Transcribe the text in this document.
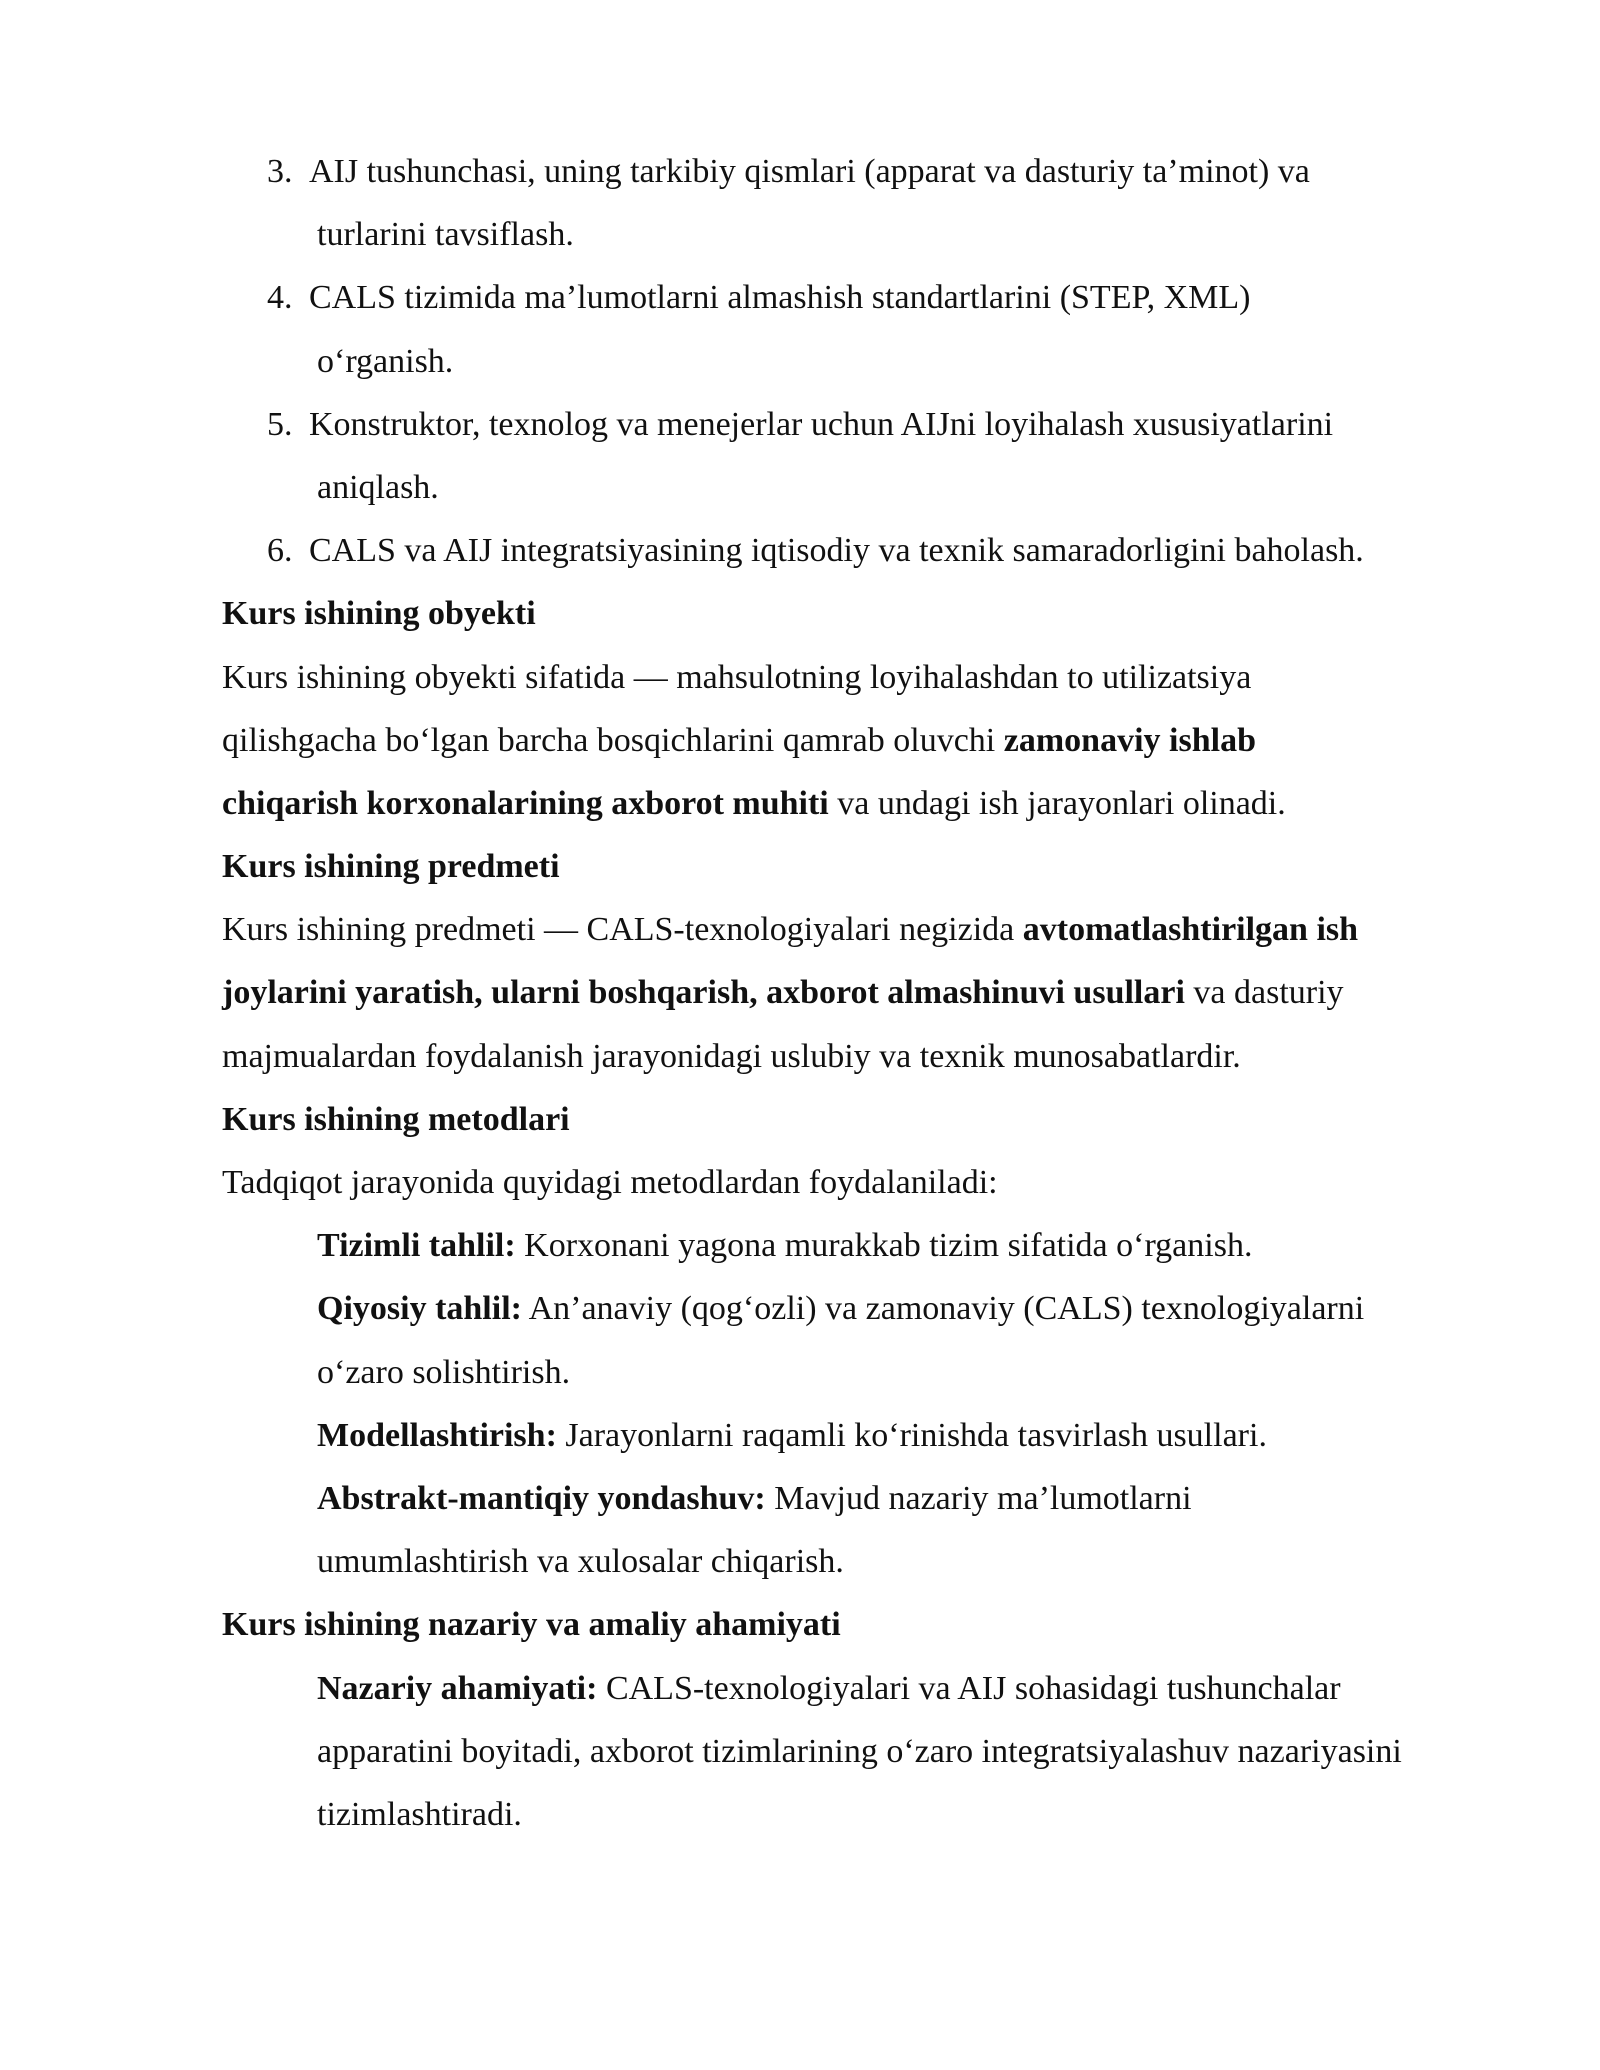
3. AIJ tushunchasi, uning tarkibiy qismlari (apparat va dasturiy ta’minot) va
turlarini tavsiflash.
4. CALS tizimida ma’lumotlarni almashish standartlarini (STEP, XML)
o‘rganish.
5. Konstruktor, texnolog va menejerlar uchun AIJni loyihalash xususiyatlarini
aniqlash.
6. CALS va AIJ integratsiyasining iqtisodiy va texnik samaradorligini baholash.
Kurs ishining obyekti
Kurs ishining obyekti sifatida — mahsulotning loyihalashdan to utilizatsiya
qilishgacha bo‘lgan barcha bosqichlarini qamrab oluvchi zamonaviy ishlab
chiqarish korxonalarining axborot muhiti va undagi ish jarayonlari olinadi.
Kurs ishining predmeti
Kurs ishining predmeti — CALS-texnologiyalari negizida avtomatlashtirilgan ish
joylarini yaratish, ularni boshqarish, axborot almashinuvi usullari va dasturiy
majmualardan foydalanish jarayonidagi uslubiy va texnik munosabatlardir.
Kurs ishining metodlari
Tadqiqot jarayonida quyidagi metodlardan foydalaniladi:
Tizimli tahlil: Korxonani yagona murakkab tizim sifatida o‘rganish.
Qiyosiy tahlil: An’anaviy (qog‘ozli) va zamonaviy (CALS) texnologiyalarni
o‘zaro solishtirish.
Modellashtirish: Jarayonlarni raqamli ko‘rinishda tasvirlash usullari.
Abstrakt-mantiqiy yondashuv: Mavjud nazariy ma’lumotlarni
umumlashtirish va xulosalar chiqarish.
Kurs ishining nazariy va amaliy ahamiyati
Nazariy ahamiyati: CALS-texnologiyalari va AIJ sohasidagi tushunchalar
apparatini boyitadi, axborot tizimlarining o‘zaro integratsiyalashuv nazariyasini
tizimlashtiradi.
